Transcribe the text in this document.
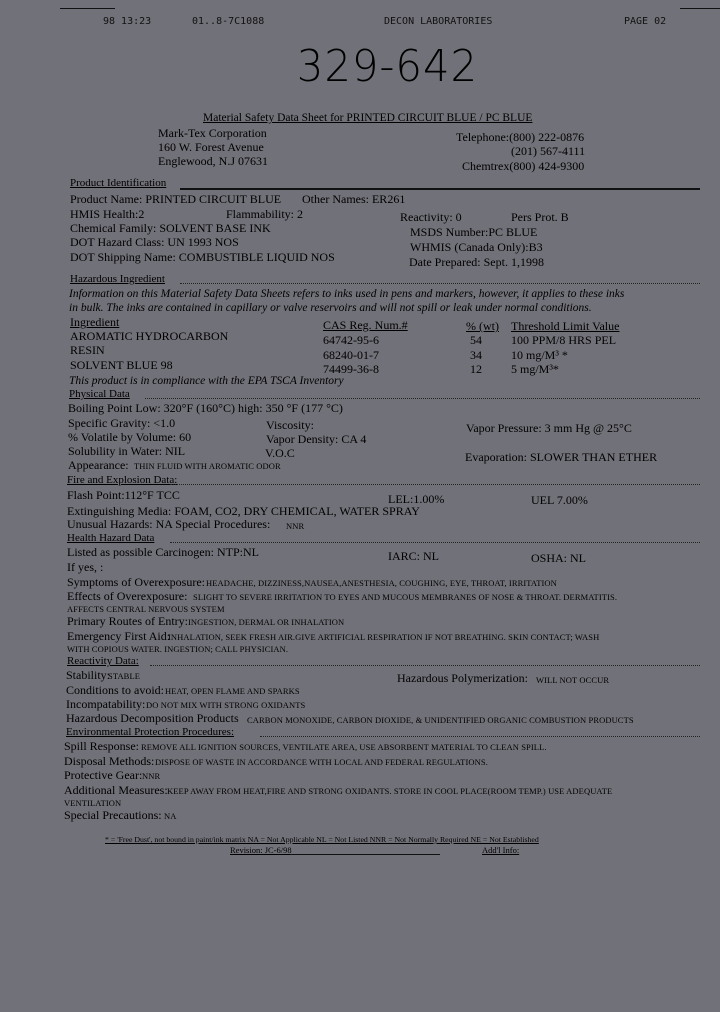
98 13:23	01..8-7C1088	DECON LABORATORIES	PAGE 02
329-642
Material Safety Data Sheet for PRINTED CIRCUIT BLUE / PC BLUE
Mark-Tex Corporation
160 W. Forest Avenue
Englewood, N.J 07631
Telephone:(800) 222-0876
(201) 567-4111
Chemtrex(800) 424-9300
Product Identification
Product Name: PRINTED CIRCUIT BLUE Other Names: ER261
HMIS Health:2	Flammability: 2	Reactivity: 0	Pers Prot. B
Chemical Family: SOLVENT BASE INK	MSDS Number:PC BLUE
DOT Hazard Class: UN 1993 NOS	WHMIS (Canada Only):B3
DOT Shipping Name: COMBUSTIBLE LIQUID NOS	Date Prepared: Sept. 1,1998
Hazardous Ingredient
Information on this Material Safety Data Sheets refers to inks used in pens and markers, however, it applies to these inks
in bulk. The inks are contained in capillary or valve reservoirs and will not spill or leak under normal conditions.
Ingredient	CAS Reg. Num.#	% (wt) Threshold Limit Value
AROMATIC HYDROCARBON	64742-95-6	54 100 PPM/8 HRS PEL
RESIN	68240-01-7	34 10 mg/M³ *
SOLVENT BLUE 98	74499-36-8	12 5 mg/M³*
This product is in compliance with the EPA TSCA Inventory
Physical Data
Boiling Point Low: 320°F (160°C) high: 350 °F (177 °C)
Specific Gravity: <1.0	Viscosity:	Vapor Pressure: 3 mm Hg @ 25°C
% Volatile by Volume: 60	Vapor Density: CA 4
Solubility in Water: NIL	V.O.C	Evaporation: SLOWER THAN ETHER
Appearance: THIN FLUID WITH AROMATIC ODOR
Fire and Explosion Data:
Flash Point:112°F TCC	LEL:1.00%	UEL 7.00%
Extinguishing Media: FOAM, CO2, DRY CHEMICAL, WATER SPRAY
Unusual Hazards: NA Special Procedures: NNR
Health Hazard Data
Listed as possible Carcinogen: NTP:NL	IARC: NL	OSHA: NL
If yes, :
Symptoms of Overexposure: HEADACHE, DIZZINESS,NAUSEA,ANESTHESIA, COUGHING, EYE, THROAT, IRRITATION
Effects of Overexposure: SLIGHT TO SEVERE IRRITATION TO EYES AND MUCOUS MEMBRANES OF NOSE & THROAT. DERMATITIS.
AFFECTS CENTRAL NERVOUS SYSTEM
Primary Routes of Entry: INGESTION, DERMAL OR INHALATION
Emergency First Aid:
INHALATION, SEEK FRESH AIR.GIVE ARTIFICIAL RESPIRATION IF NOT BREATHING. SKIN CONTACT; WASH
WITH COPIOUS WATER. INGESTION; CALL PHYSICIAN.
Reactivity Data:
Stability:
STABLE	Hazardous Polymerization: WILL NOT OCCUR
Conditions to avoid: HEAT, OPEN FLAME AND SPARKS
Incompatability: DO NOT MIX WITH STRONG OXIDANTS
Hazardous Decomposition Products CARBON MONOXIDE, CARBON DIOXIDE, & UNIDENTIFIED ORGANIC COMBUSTION PRODUCTS
Environmental Protection Procedures:
Spill Response: REMOVE ALL IGNITION SOURCES, VENTILATE AREA, USE ABSORBENT MATERIAL TO CLEAN SPILL.
Disposal Methods: DISPOSE OF WASTE IN ACCORDANCE WITH LOCAL AND FEDERAL REGULATIONS.
Protective Gear: NNR
Additional Measures: KEEP AWAY FROM HEAT,FIRE AND STRONG OXIDANTS. STORE IN COOL PLACE(ROOM TEMP.) USE ADEQUATE
VENTILATION
Special Precautions: NA
* = 'Free Dust', not bound in paint/ink matrix NA = Not Applicable NL = Not Listed NNR = Not Normally Required NE = Not Established
Revision: JC-6/98	Add'l Info:
